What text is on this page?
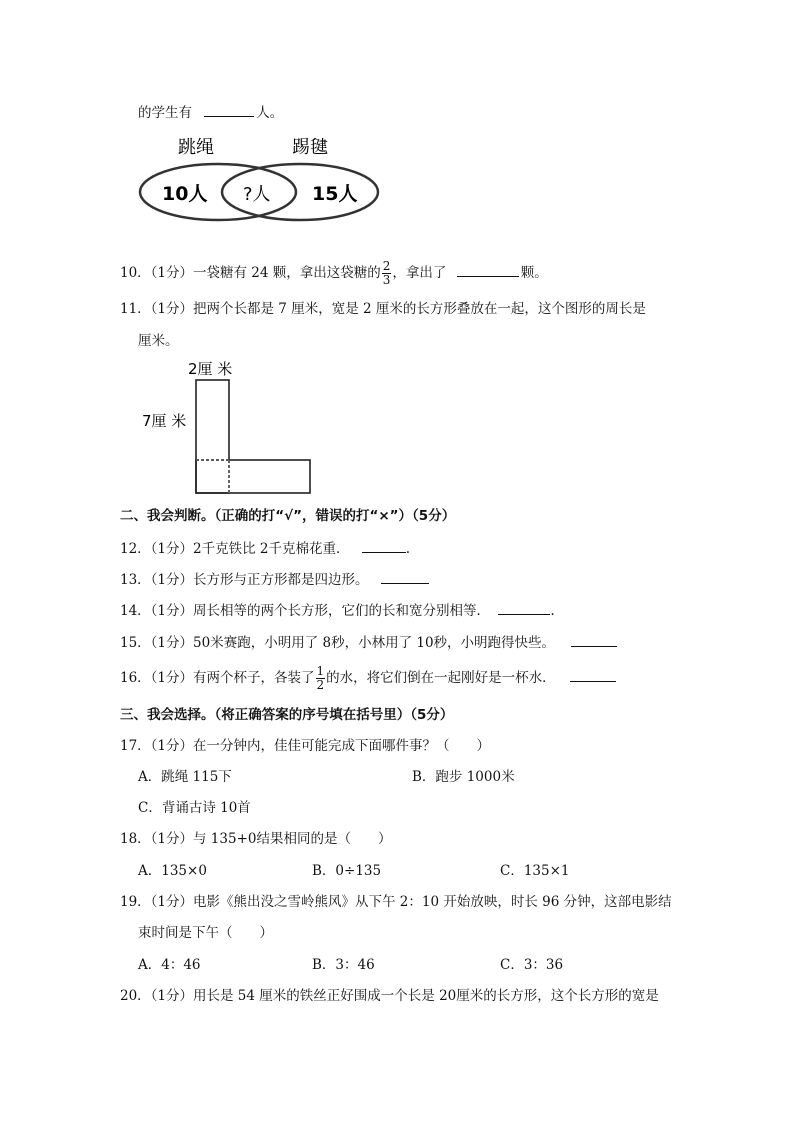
的学生有	人。
跳绳	踢毽
10人 ?人 15人
10．（1分）一袋糖有 24 颗，拿出这袋糖的 $\frac{2}{3}$ ，拿出了	颗。
11．（1分）把两个长都是 7 厘米，宽是 2 厘米的长方形叠放在一起，这个图形的周长是
厘米。
2厘 米
7厘 米
二、我会判断。（正确的打“√”，错误的打“×”）（5分）
12．（1分）2千克铁比 2千克棉花重．	.
13．（1分）长方形与正方形都是四边形。
14．（1分）周长相等的两个长方形，它们的长和宽分别相等．	.
15．（1分）50米赛跑，小明用了 8秒，小林用了 10秒，小明跑得快些。
16．（1分）有两个杯子，各装了 $\frac{1}{2}$ 的水，将它们倒在一起刚好是一杯水．
三、我会选择。（将正确答案的序号填在括号里）（5分）
17．（1分）在一分钟内，佳佳可能完成下面哪件事？（　　）
A．跳绳 115下	B．跑步 1000米
C．背诵古诗 10首
18．（1分）与 135+0结果相同的是（　　）
A．135×0	B．0÷135	C．135×1
19．（1分）电影《熊出没之雪岭熊风》从下午 2：10 开始放映，时长 96 分钟，这部电影结
束时间是下午（　　）
A．4：46	B．3：46	C．3：36
20．（1分）用长是 54 厘米的铁丝正好围成一个长是 20厘米的长方形，这个长方形的宽是
